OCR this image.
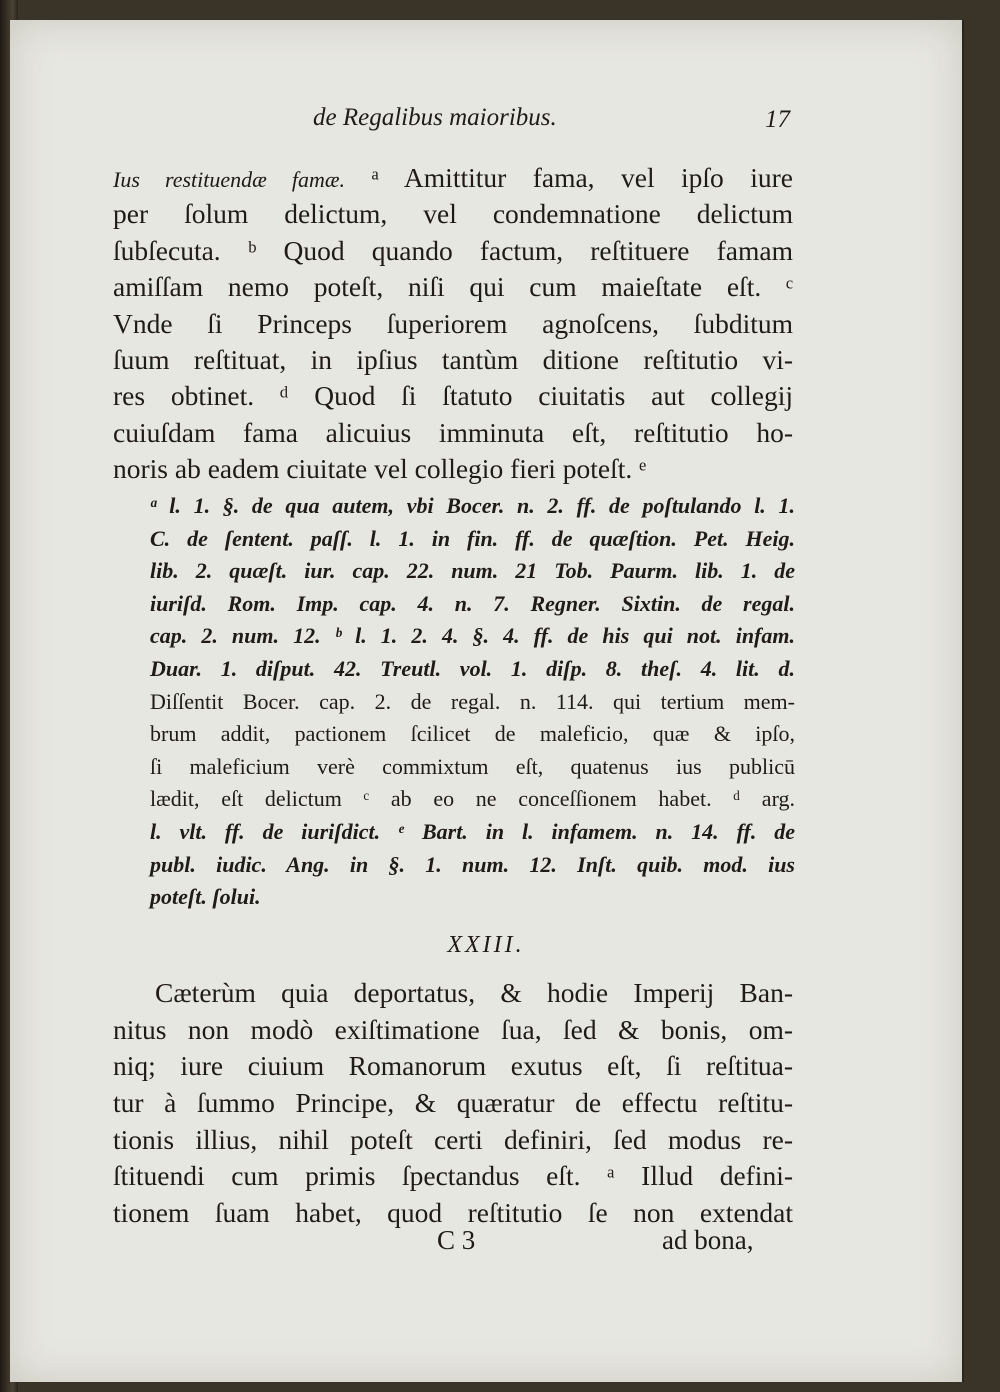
de Regalibus maioribus.	17
Ius restituendæ famæ. ᵃ Amittitur fama, vel ipſo iure
per ſolum delictum, vel condemnatione delictum
ſubſecuta. ᵇ Quod quando factum, reſtituere famam
amiſſam nemo poteſt, niſi qui cum maieſtate eſt. ᶜ
Vnde ſi Princeps ſuperiorem agnoſcens, ſubditum
ſuum reſtituat, in ipſius tantùm ditione reſtitutio vi-
res obtinet. ᵈ Quod ſi ſtatuto ciuitatis aut collegij
cuiuſdam fama alicuius imminuta eſt, reſtitutio ho-
noris ab eadem ciuitate vel collegio fieri poteſt. ᵉ
ᵃ l. 1. §. de qua autem, vbi Bocer. n. 2. ff. de poſtulando l. 1.
C. de ſentent. paſſ. l. 1. in fin. ff. de quæſtion. Pet. Heig.
lib. 2. quæſt. iur. cap. 22. num. 21 Tob. Paurm. lib. 1. de
iuriſd. Rom. Imp. cap. 4. n. 7. Regner. Sixtin. de regal.
cap. 2. num. 12. ᵇ l. 1. 2. 4. §. 4. ff. de his qui not. infam.
Duar. 1. diſput. 42. Treutl. vol. 1. diſp. 8. theſ. 4. lit. d.
Diſſentit Bocer. cap. 2. de regal. n. 114. qui tertium mem-
brum addit, pactionem ſcilicet de maleficio, quæ & ipſo,
ſi maleficium verè commixtum eſt, quatenus ius publicū
lædit, eſt delictum ᶜ ab eo ne conceſſionem habet. ᵈ arg.
l. vlt. ff. de iuriſdict. ᵉ Bart. in l. infamem. n. 14. ff. de
publ. iudic. Ang. in §. 1. num. 12. Inſt. quib. mod. ius
poteſt. ſolui.
XXIII.
Cæterùm quia deportatus, & hodie Imperij Ban-
nitus non modò exiſtimatione ſua, ſed & bonis, om-
niq; iure ciuium Romanorum exutus eſt, ſi reſtitua-
tur à ſummo Principe, & quæratur de effectu reſtitu-
tionis illius, nihil poteſt certi definiri, ſed modus re-
ſtituendi cum primis ſpectandus eſt. ᵃ Illud defini-
tionem ſuam habet, quod reſtitutio ſe non extendat
C 3	ad bona,
